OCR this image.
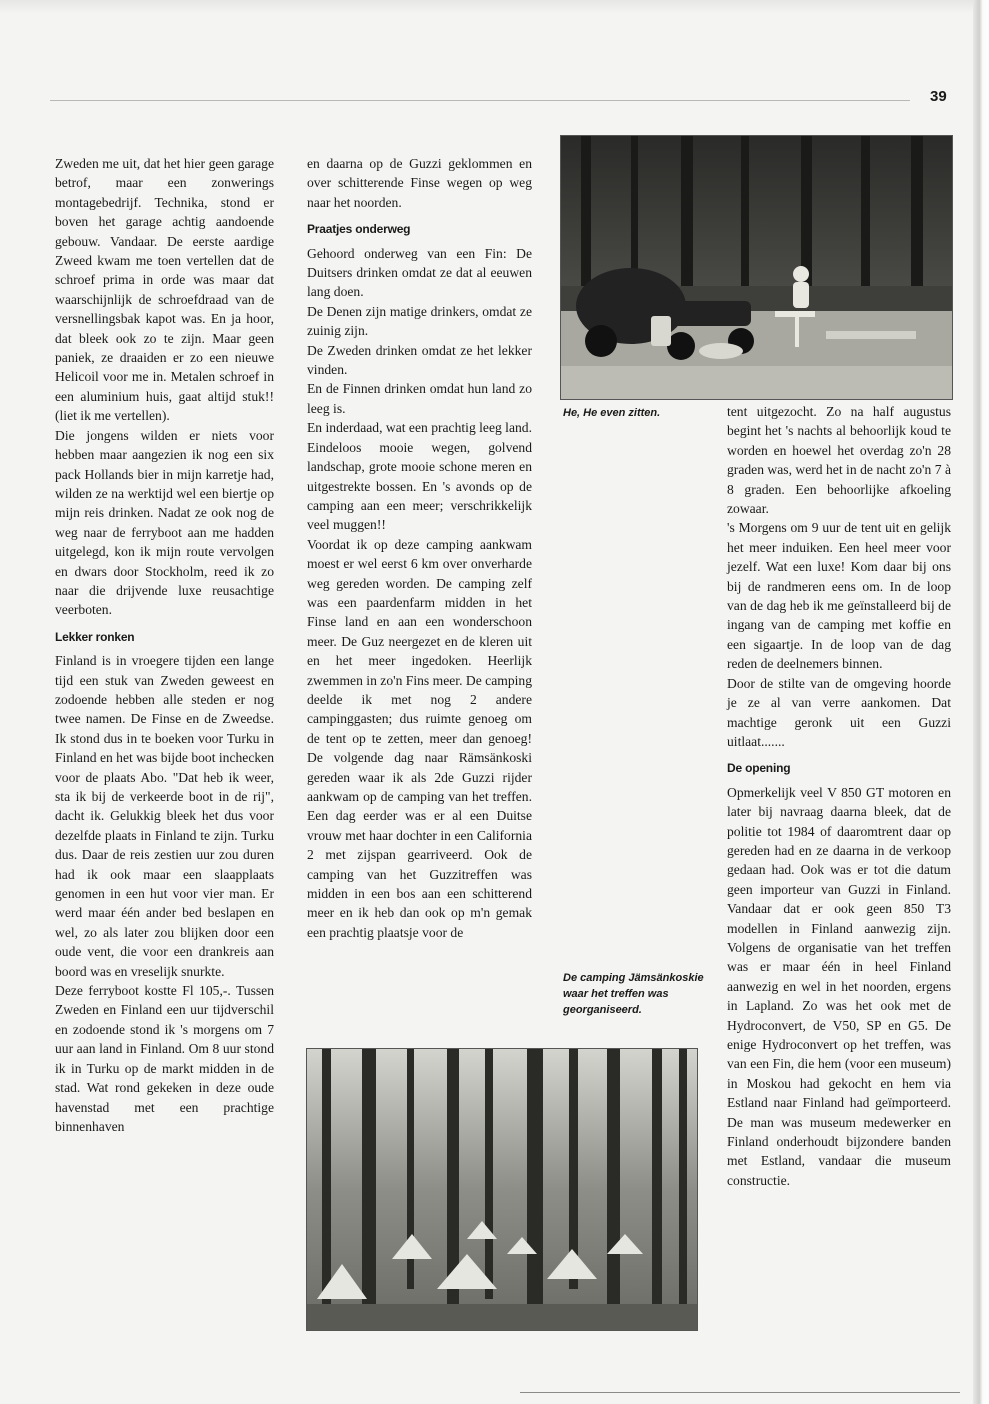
39

Zweden me uit, dat het hier geen garage betrof, maar een zonwerings montagebedrijf. Technika, stond er boven het garage achtig aandoende gebouw. Vandaar. De eerste aardige Zweed kwam me toen vertellen dat de schroef prima in orde was maar dat waarschijnlijk de schroefdraad van de versnellingsbak kapot was. En ja hoor, dat bleek ook zo te zijn. Maar geen paniek, ze draaiden er zo een nieuwe Helicoil voor me in. Metalen schroef in een aluminium huis, gaat altijd stuk!! (liet ik me vertellen).

Die jongens wilden er niets voor hebben maar aangezien ik nog een six pack Hollands bier in mijn karretje had, wilden ze na werktijd wel een biertje op mijn reis drinken. Nadat ze ook nog de weg naar de ferryboot aan me hadden uitgelegd, kon ik mijn route vervolgen en dwars door Stockholm, reed ik zo naar die drijvende luxe reusachtige veerboten.

Lekker ronken

Finland is in vroegere tijden een lange tijd een stuk van Zweden geweest en zodoende hebben alle steden er nog twee namen. De Finse en de Zweedse. Ik stond dus in te boeken voor Turku in Finland en het was bijde boot inchecken voor de plaats Abo. "Dat heb ik weer, sta ik bij de verkeerde boot in de rij", dacht ik. Gelukkig bleek het dus voor dezelfde plaats in Finland te zijn. Turku dus. Daar de reis zestien uur zou duren had ik ook maar een slaapplaats genomen in een hut voor vier man. Er werd maar één ander bed beslapen en wel, zo als later zou blijken door een oude vent, die voor een drankreis aan boord was en vreselijk snurkte.

Deze ferryboot kostte Fl 105,-. Tussen Zweden en Finland een uur tijdverschil en zodoende stond ik 's morgens om 7 uur aan land in Finland. Om 8 uur stond ik in Turku op de markt midden in de stad. Wat rond gekeken in deze oude havenstad met een prachtige binnenhaven

en daarna op de Guzzi geklommen en over schitterende Finse wegen op weg naar het noorden.

Praatjes onderweg

Gehoord onderweg van een Fin: De Duitsers drinken omdat ze dat al eeuwen lang doen.

De Denen zijn matige drinkers, omdat ze zuinig zijn.

De Zweden drinken omdat ze het lekker vinden.

En de Finnen drinken omdat hun land zo leeg is.

En inderdaad, wat een prachtig leeg land. Eindeloos mooie wegen, golvend landschap, grote mooie schone meren en uitgestrekte bossen. En 's avonds op de camping aan een meer; verschrikkelijk veel muggen!!

Voordat ik op deze camping aankwam moest er wel eerst 6 km over onverharde weg gereden worden. De camping zelf was een paardenfarm midden in het Finse land en aan een wonderschoon meer. De Guz neergezet en de kleren uit en het meer ingedoken. Heerlijk zwemmen in zo'n Fins meer. De camping deelde ik met nog 2 andere campinggasten; dus ruimte genoeg om de tent op te zetten, meer dan genoeg! De volgende dag naar Rämsänkoski gereden waar ik als 2de Guzzi rijder aankwam op de camping van het treffen. Een dag eerder was er al een Duitse vrouw met haar dochter in een California 2 met zijspan gearriveerd. Ook de camping van het Guzzitreffen was midden in een bos aan een schitterend meer en ik heb dan ook op m'n gemak een prachtig plaatsje voor de

He, He even zitten.	tent uitgezocht. Zo na half augustus begint het 's nachts al behoorlijk koud te worden en hoewel het overdag zo'n 28 graden was, werd het in de nacht zo'n 7 à 8 graden. Een behoorlijke afkoeling zowaar.

's Morgens om 9 uur de tent uit en gelijk het meer induiken. Een heel meer voor jezelf. Wat een luxe! Kom daar bij ons bij de randmeren eens om. In de loop van de dag heb ik me geïnstalleerd bij de ingang van de camping met koffie en een sigaartje. In de loop van de dag reden de deelnemers binnen.

Door de stilte van de omgeving hoorde je ze al van verre aankomen. Dat machtige geronk uit een Guzzi uitlaat.......

De opening

Opmerkelijk veel V 850 GT motoren en later bij navraag daarna bleek, dat de politie tot 1984 of daaromtrent daar op gereden had en ze daarna in de verkoop gedaan had. Ook was er tot die datum geen importeur van Guzzi in Finland. Vandaar dat er ook geen 850 T3 modellen in Finland aanwezig zijn. Volgens de organisatie van het treffen was er maar één in heel Finland aanwezig en wel in het noorden, ergens in Lapland. Zo was het ook met de Hydroconvert, de V50, SP en G5. De enige Hydroconvert op het treffen, was van een Fin, die hem (voor een museum) in Moskou had gekocht en hem via Estland naar Finland had geïmporteerd. De man was museum medewerker en Finland onderhoudt bijzondere banden met Estland, vandaar die museum constructie.

De camping Jämsänkoskie waar het treffen was georganiseerd.
